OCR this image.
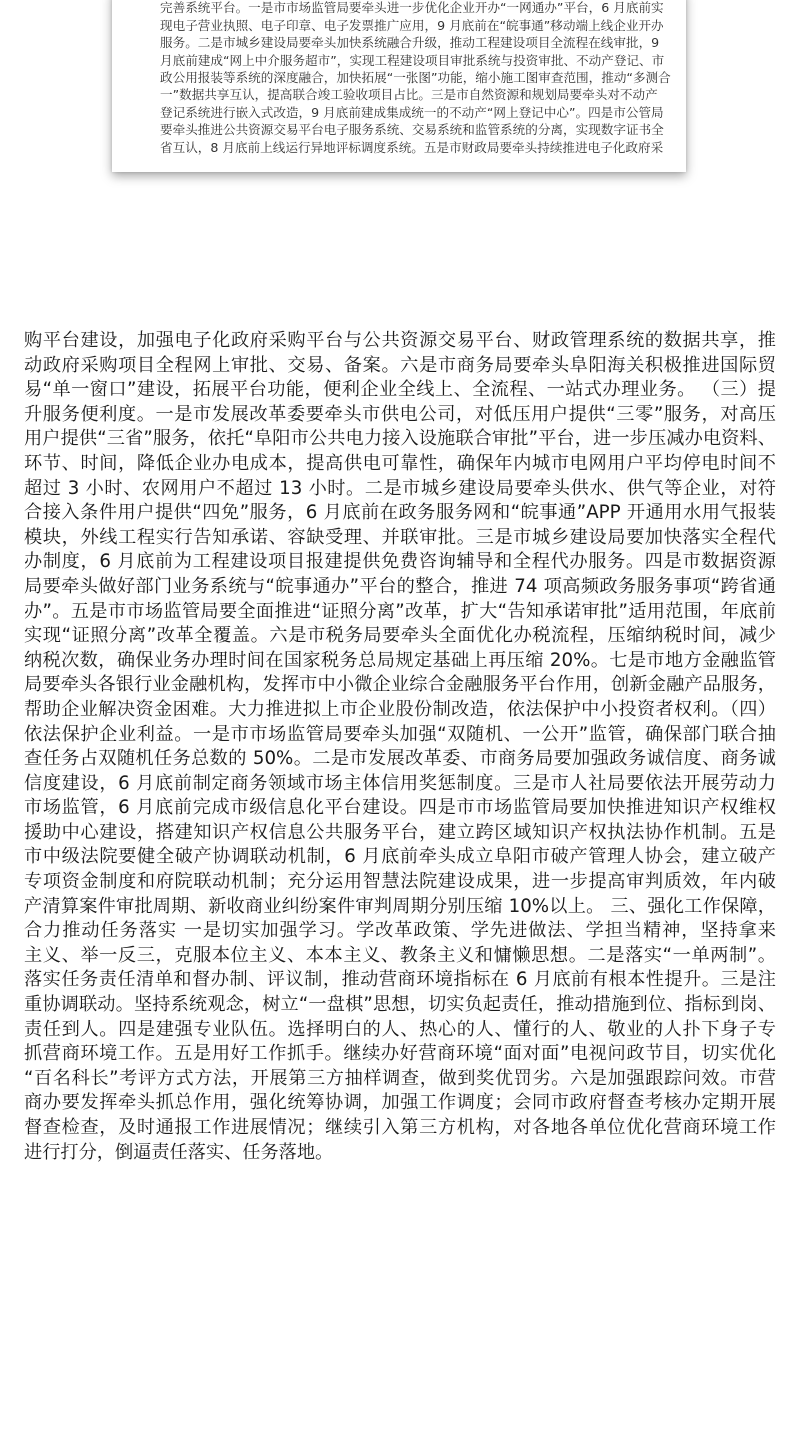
完善系统平台。一是市市场监管局要牵头进一步优化企业开办“一网通办”平台，6 月底前实
现电子营业执照、电子印章、电子发票推广应用，9 月底前在“皖事通”移动端上线企业开办
服务。二是市城乡建设局要牵头加快系统融合升级，推动工程建设项目全流程在线审批，9
月底前建成“网上中介服务超市”，实现工程建设项目审批系统与投资审批、不动产登记、市
政公用报装等系统的深度融合，加快拓展“一张图”功能，缩小施工图审查范围，推动“多测合
一”数据共享互认，提高联合竣工验收项目占比。三是市自然资源和规划局要牵头对不动产
登记系统进行嵌入式改造，9 月底前建成集成统一的不动产“网上登记中心”。四是市公管局
要牵头推进公共资源交易平台电子服务系统、交易系统和监管系统的分离，实现数字证书全
省互认，8 月底前上线运行异地评标调度系统。五是市财政局要牵头持续推进电子化政府采
购平台建设，加强电子化政府采购平台与公共资源交易平台、财政管理系统的数据共享，推
动政府采购项目全程网上审批、交易、备案。六是市商务局要牵头阜阳海关积极推进国际贸
易“单一窗口”建设，拓展平台功能，便利企业全线上、全流程、一站式办理业务。 （三）提
升服务便利度。一是市发展改革委要牵头市供电公司，对低压用户提供“三零”服务，对高压
用户提供“三省”服务，依托“阜阳市公共电力接入设施联合审批”平台，进一步压减办电资料、
环节、时间，降低企业办电成本，提高供电可靠性，确保年内城市电网用户平均停电时间不
超过 3 小时、农网用户不超过 13 小时。二是市城乡建设局要牵头供水、供气等企业，对符
合接入条件用户提供“四免”服务，6 月底前在政务服务网和“皖事通”APP 开通用水用气报装
模块，外线工程实行告知承诺、容缺受理、并联审批。三是市城乡建设局要加快落实全程代
办制度，6 月底前为工程建设项目报建提供免费咨询辅导和全程代办服务。四是市数据资源
局要牵头做好部门业务系统与“皖事通办”平台的整合，推进 74 项高频政务服务事项“跨省通
办”。五是市市场监管局要全面推进“证照分离”改革，扩大“告知承诺审批”适用范围，年底前
实现“证照分离”改革全覆盖。六是市税务局要牵头全面优化办税流程，压缩纳税时间，减少
纳税次数，确保业务办理时间在国家税务总局规定基础上再压缩 20%。七是市地方金融监管
局要牵头各银行业金融机构，发挥市中小微企业综合金融服务平台作用，创新金融产品服务，
帮助企业解决资金困难。大力推进拟上市企业股份制改造，依法保护中小投资者权利。（四）
依法保护企业利益。一是市市场监管局要牵头加强“双随机、一公开”监管，确保部门联合抽
查任务占双随机任务总数的 50%。二是市发展改革委、市商务局要加强政务诚信度、商务诚
信度建设，6 月底前制定商务领域市场主体信用奖惩制度。三是市人社局要依法开展劳动力
市场监管，6 月底前完成市级信息化平台建设。四是市市场监管局要加快推进知识产权维权
援助中心建设，搭建知识产权信息公共服务平台，建立跨区域知识产权执法协作机制。五是
市中级法院要健全破产协调联动机制，6 月底前牵头成立阜阳市破产管理人协会，建立破产
专项资金制度和府院联动机制；充分运用智慧法院建设成果，进一步提高审判质效，年内破
产清算案件审批周期、新收商业纠纷案件审判周期分别压缩 10%以上。 三、强化工作保障，
合力推动任务落实 一是切实加强学习。学改革政策、学先进做法、学担当精神，坚持拿来
主义、举一反三，克服本位主义、本本主义、教条主义和慵懒思想。二是落实“一单两制”。
落实任务责任清单和督办制、评议制，推动营商环境指标在 6 月底前有根本性提升。三是注
重协调联动。坚持系统观念，树立“一盘棋”思想，切实负起责任，推动措施到位、指标到岗、
责任到人。四是建强专业队伍。选择明白的人、热心的人、懂行的人、敬业的人扑下身子专
抓营商环境工作。五是用好工作抓手。继续办好营商环境“面对面”电视问政节目，切实优化
“百名科长”考评方式方法，开展第三方抽样调查，做到奖优罚劣。六是加强跟踪问效。市营
商办要发挥牵头抓总作用，强化统筹协调，加强工作调度；会同市政府督查考核办定期开展
督查检查，及时通报工作进展情况；继续引入第三方机构，对各地各单位优化营商环境工作
进行打分，倒逼责任落实、任务落地。
